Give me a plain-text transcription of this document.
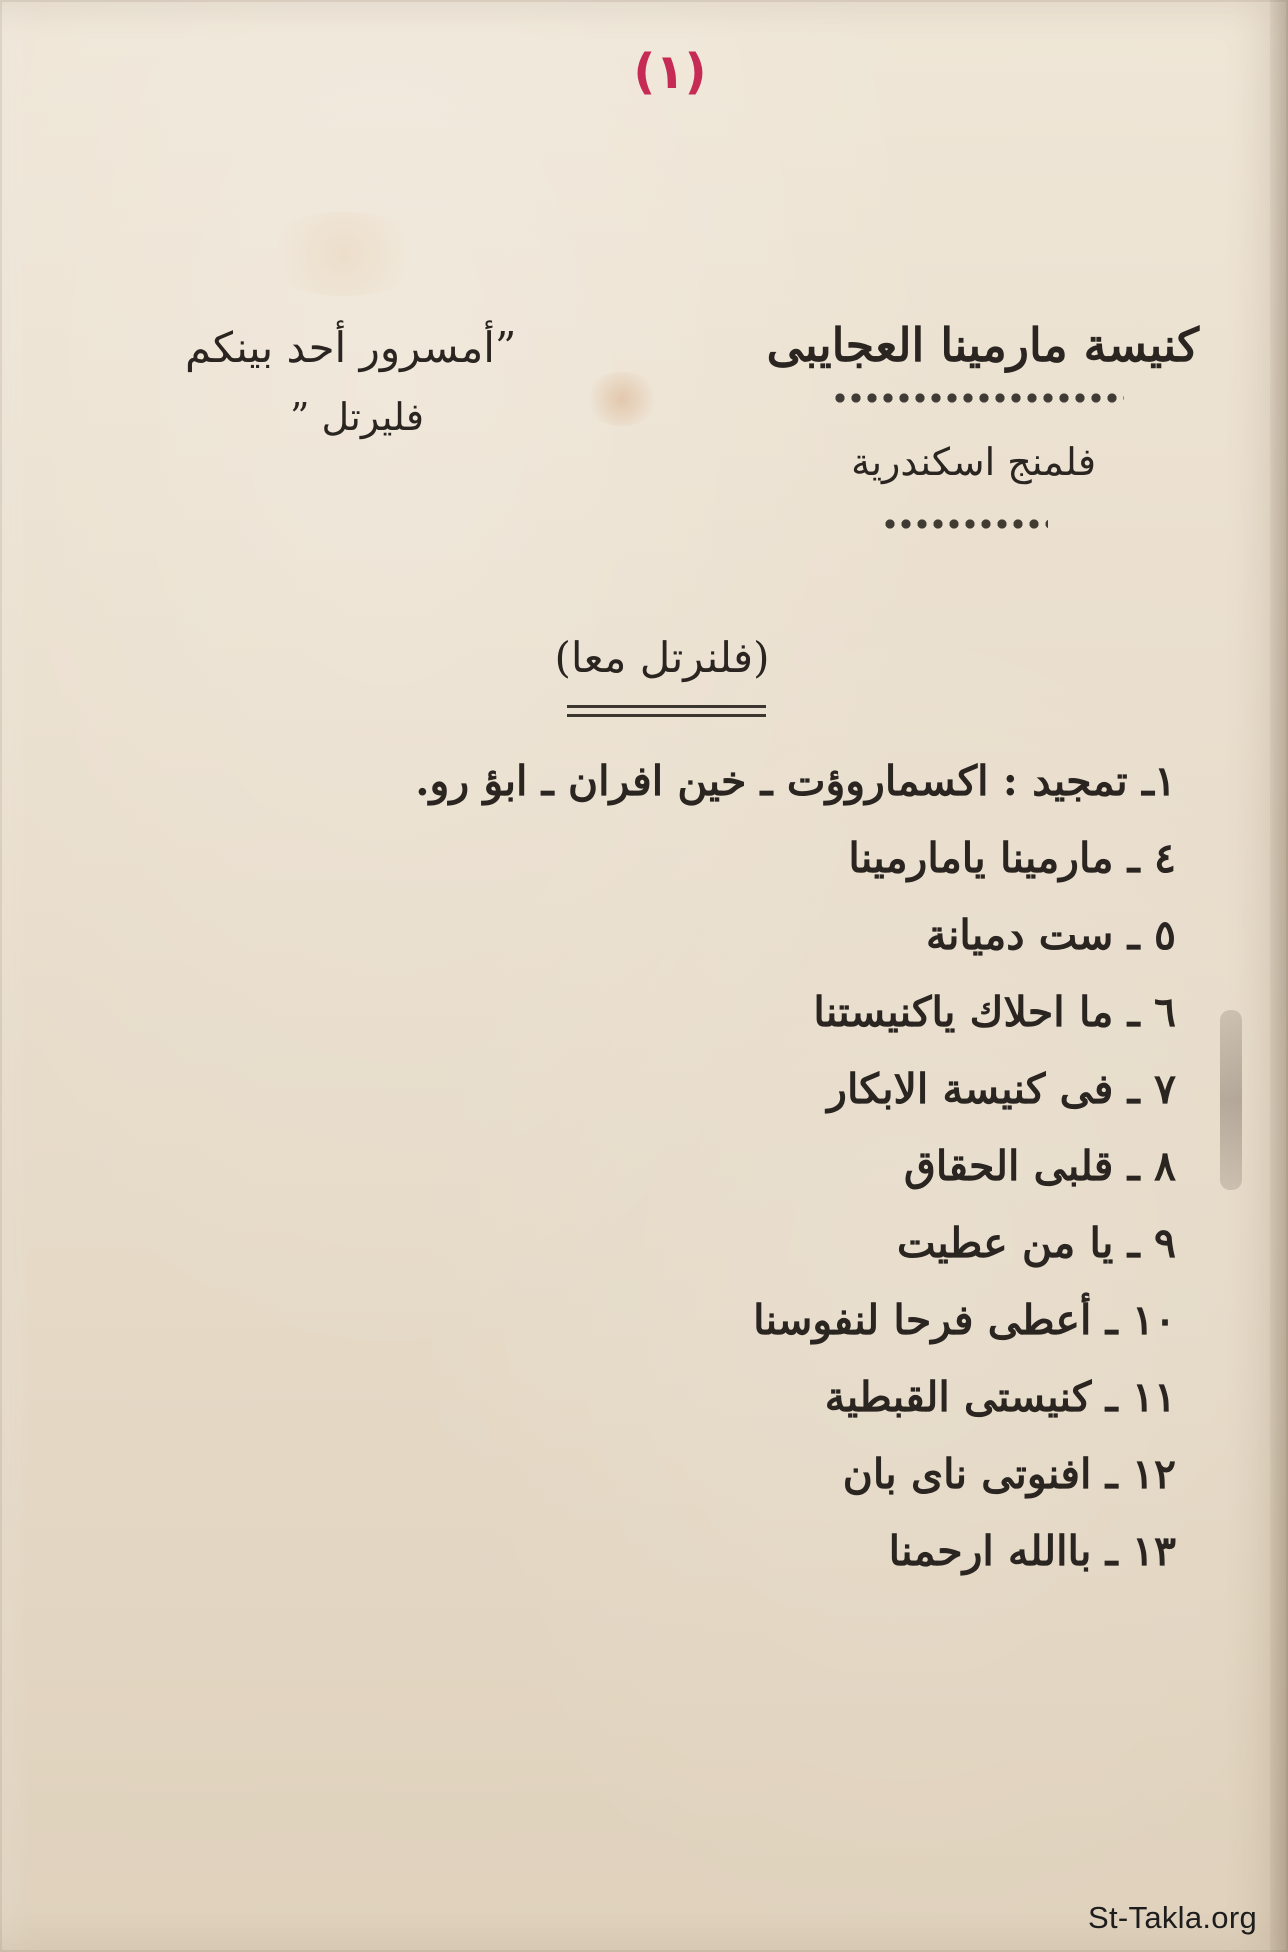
(١)
كنيسة مارمينا العجايبى
فلمنج اسكندرية
”أمسرور أحد بينكم
فليرتل ”
(فلنرتل معا)
١ـ تمجيد : اكسماروؤت ـ خين افران ـ ابؤ رو.
٤ ـ مارمينا يامارمينا
٥ ـ ست دميانة
٦ ـ ما احلاك ياكنيستنا
٧ ـ فى كنيسة الابكار
٨ ـ قلبى الحقاق
٩ ـ يا من عطيت
١٠ ـ أعطى فرحا لنفوسنا
١١ ـ كنيستى القبطية
١٢ ـ افنوتى ناى بان
١٣ ـ باالله ارحمنا
St-Takla.org
